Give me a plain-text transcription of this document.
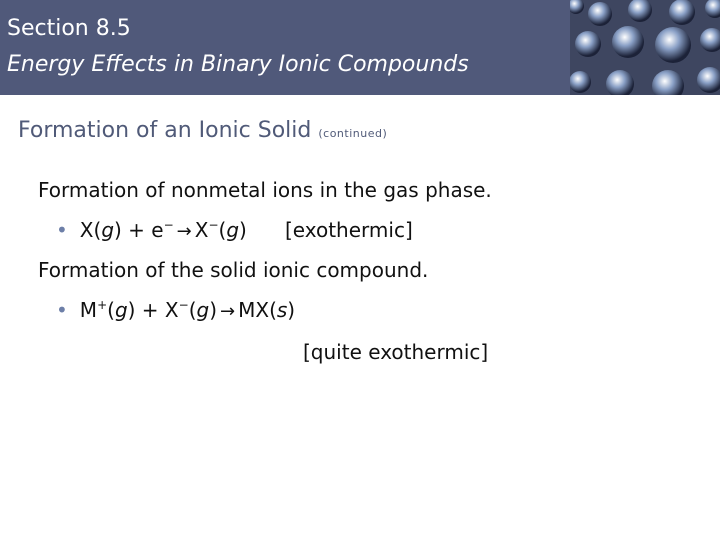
Section 8.5
Energy Effects in Binary Ionic Compounds
Formation of an Ionic Solid (continued)
Formation of nonmetal ions in the gas phase.
• X(g) + e− → X−(g) [exothermic]
Formation of the solid ionic compound.
• M+(g) + X−(g) → MX(s)
[quite exothermic]
